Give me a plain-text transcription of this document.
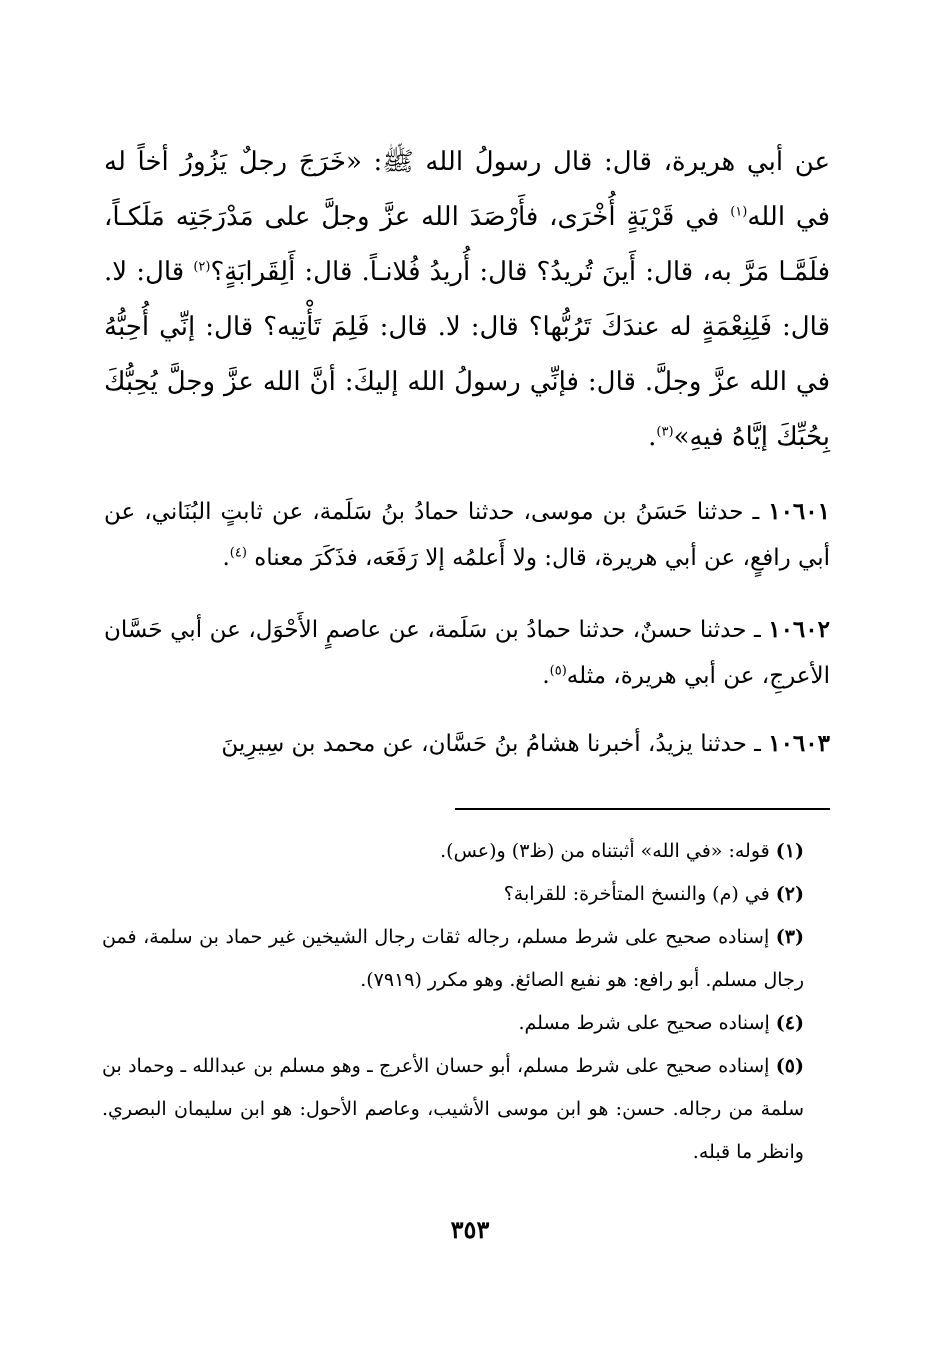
عن أبي هريرة، قال: قال رسولُ الله ﷺ: «خَرَجَ رجلٌ يَزُورُ أخاً له في الله$^{(١)}$ في قَرْيَةٍ أُخْرَى، فأَرْصَدَ الله عزَّ وجلَّ على مَدْرَجَتِه مَلَكـاً، فلَمَّـا مَرَّ به، قال: أَينَ تُريدُ؟ قال: أُريدُ فُلانـاً. قال: أَلِقَرابَةٍ؟$^{(٢)}$ قال: لا. قال: فَلِنِعْمَةٍ له عندَكَ تَرُبُّها؟ قال: لا. قال: فَلِمَ تَأْتِيه؟ قال: إنِّي أُحِبُّهُ في الله عزَّ وجلَّ. قال: فإنِّي رسولُ الله إليكَ: أنَّ الله عزَّ وجلَّ يُحِبُّكَ بِحُبِّكَ إيَّاهُ فيهِ»$^{(٣)}$.

١٠٦٠١ ـ حدثنا حَسَنُ بن موسى، حدثنا حمادُ بنُ سَلَمة، عن ثابتٍ البُنَاني، عن أبي رافعٍ، عن أبي هريرة، قال: ولا أَعلمُه إلا رَفَعَه، فذَكَرَ معناه $^{(٤)}$.

١٠٦٠٢ ـ حدثنا حسنٌ، حدثنا حمادُ بن سَلَمة، عن عاصمٍ الأَحْوَل، عن أبي حَسَّان الأعرجِ، عن أبي هريرة، مثله$^{(٥)}$.

١٠٦٠٣ ـ حدثنا يزيدُ، أخبرنا هشامُ بنُ حَسَّان، عن محمد بن سِيرِينَ

(١) قوله: «في الله» أثبتناه من (ظ٣) و(عس).

(٢) في (م) والنسخ المتأخرة: للقرابة؟

(٣) إسناده صحيح على شرط مسلم، رجاله ثقات رجال الشيخين غير حماد بن سلمة، فمن رجال مسلم. أبو رافع: هو نفيع الصائغ. وهو مكرر (٧٩١٩).

(٤) إسناده صحيح على شرط مسلم.

(٥) إسناده صحيح على شرط مسلم، أبو حسان الأعرج ـ وهو مسلم بن عبدالله ـ وحماد بن سلمة من رجاله. حسن: هو ابن موسى الأشيب، وعاصم الأحول: هو ابن سليمان البصري. وانظر ما قبله.

٣٥٣
